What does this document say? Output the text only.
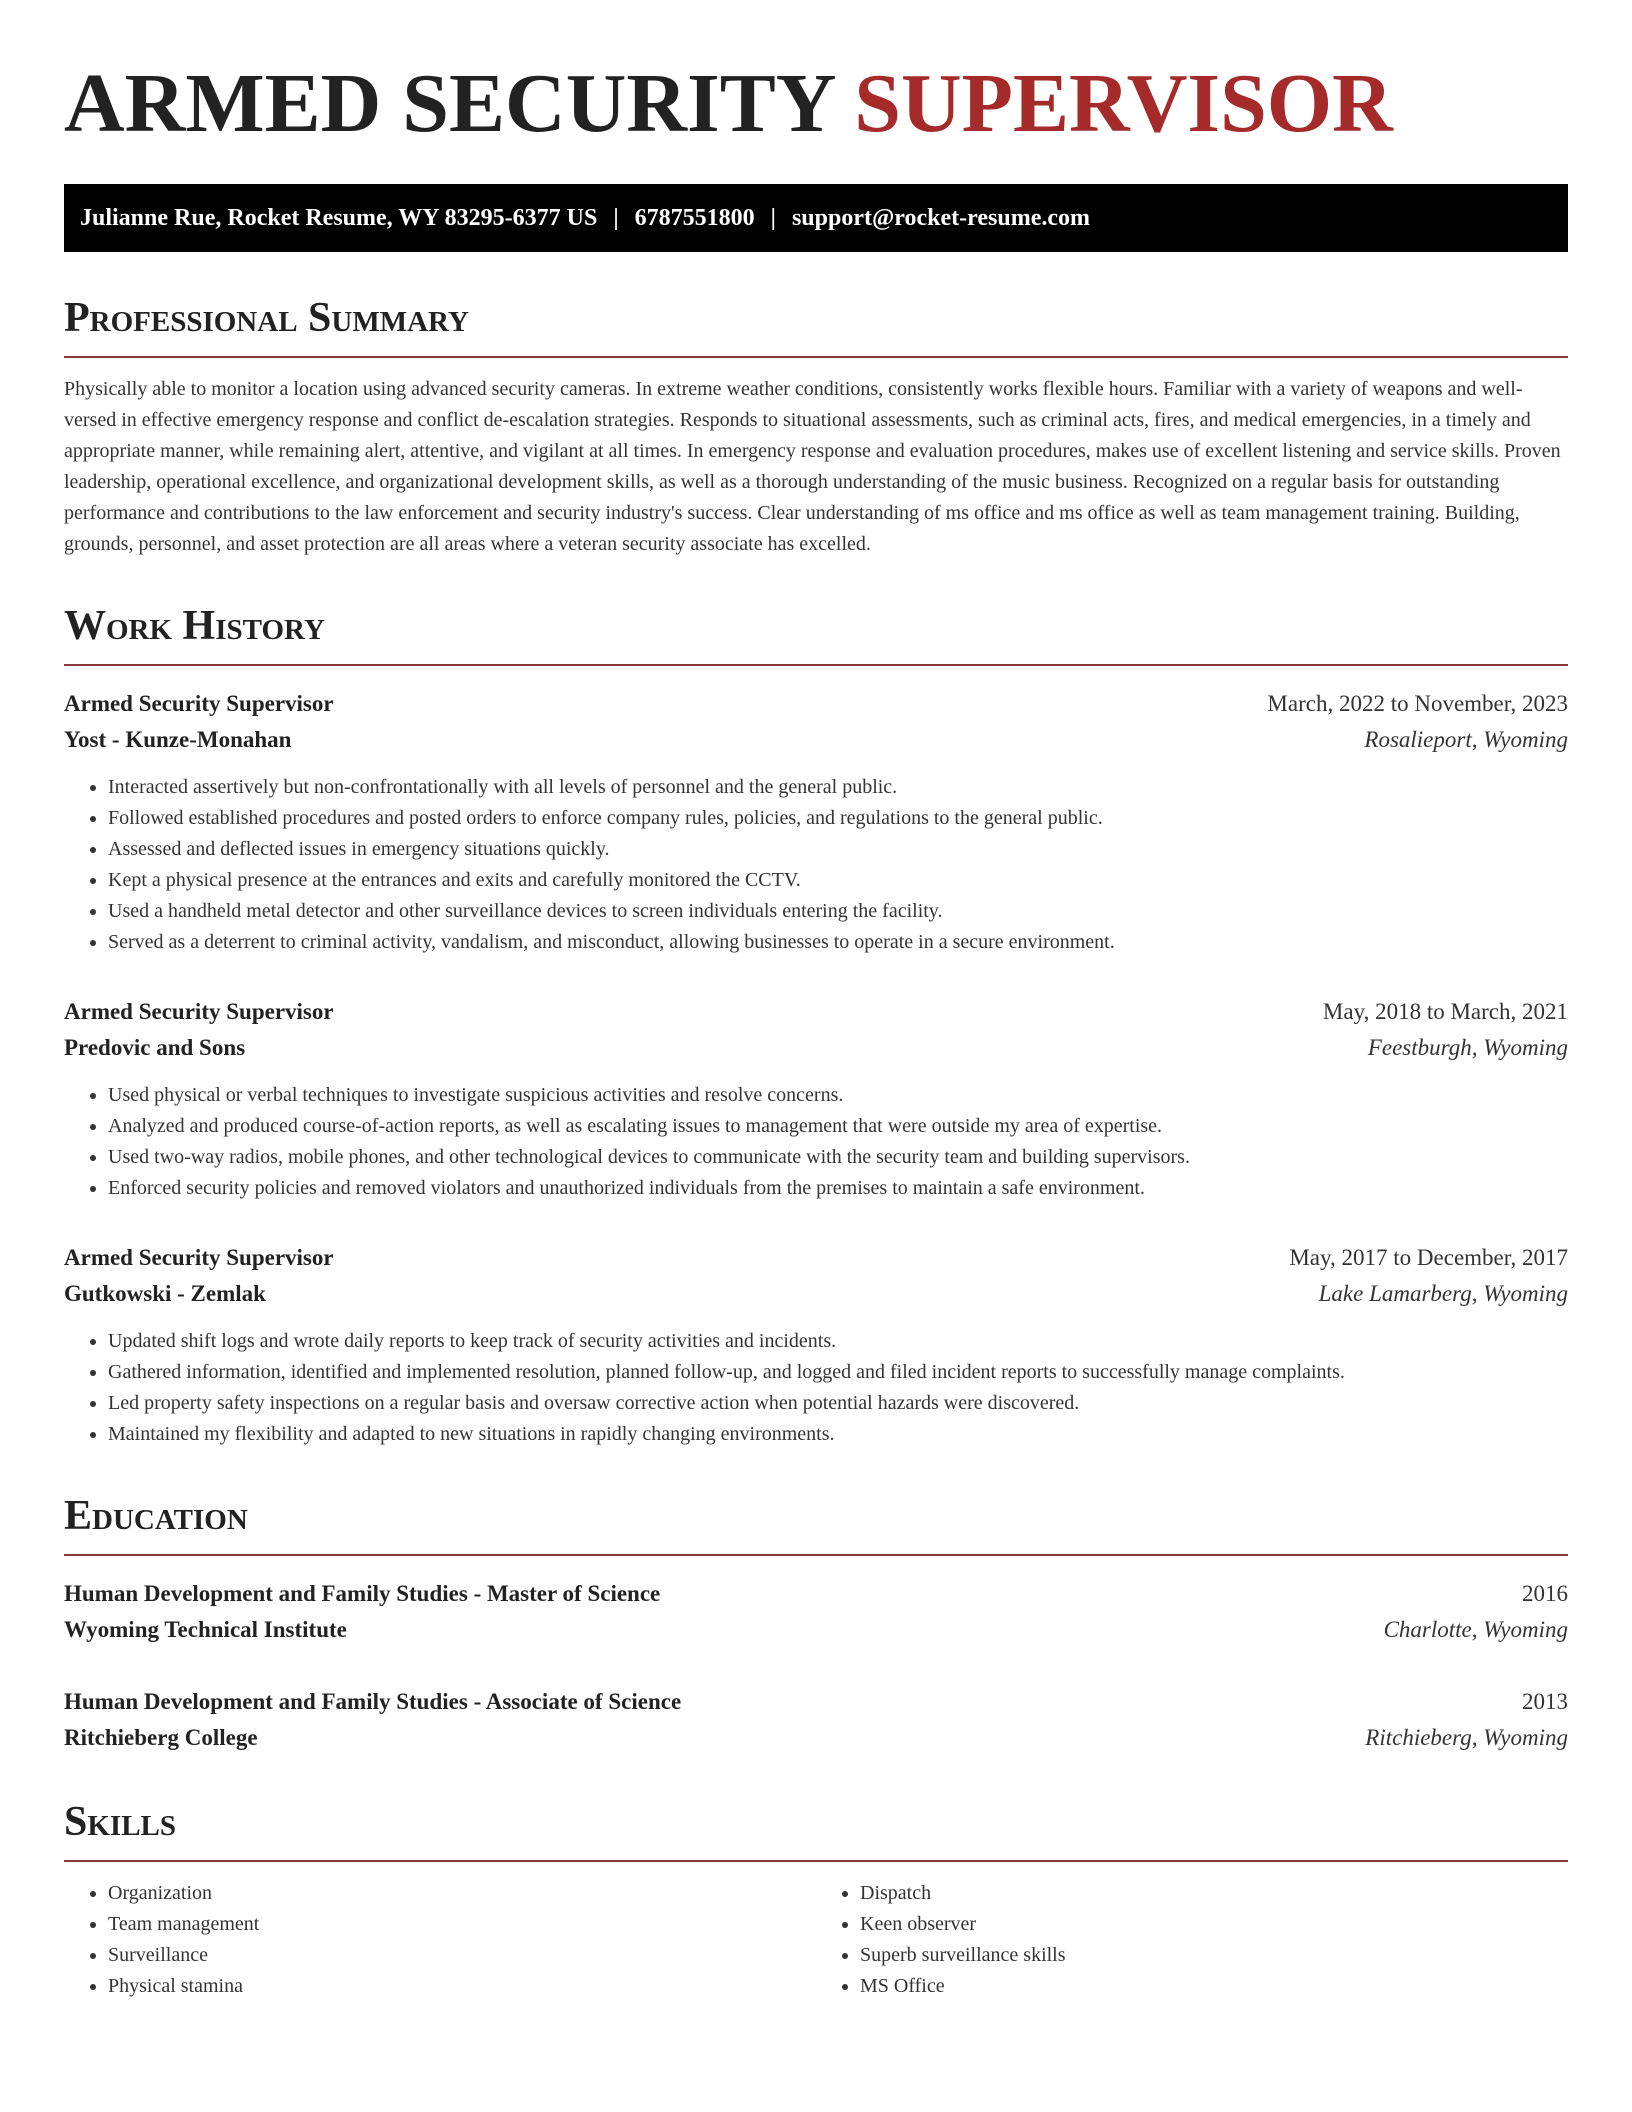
ARMED SECURITY SUPERVISOR
Julianne Rue, Rocket Resume, WY 83295-6377 US | 6787551800 | support@rocket-resume.com
Professional Summary

Physically able to monitor a location using advanced security cameras. In extreme weather conditions, consistently works flexible hours. Familiar with a variety of weapons and well-versed in effective emergency response and conflict de-escalation strategies. Responds to situational assessments, such as criminal acts, fires, and medical emergencies, in a timely and appropriate manner, while remaining alert, attentive, and vigilant at all times. In emergency response and evaluation procedures, makes use of excellent listening and service skills. Proven leadership, operational excellence, and organizational development skills, as well as a thorough understanding of the music business. Recognized on a regular basis for outstanding performance and contributions to the law enforcement and security industry's success. Clear understanding of ms office and ms office as well as team management training. Building, grounds, personnel, and asset protection are all areas where a veteran security associate has excelled.

Work History
Armed Security Supervisor	March, 2022 to November, 2023
Yost - Kunze-Monahan	Rosalieport, Wyoming
• Interacted assertively but non-confrontationally with all levels of personnel and the general public.
• Followed established procedures and posted orders to enforce company rules, policies, and regulations to the general public.
• Assessed and deflected issues in emergency situations quickly.
• Kept a physical presence at the entrances and exits and carefully monitored the CCTV.
• Used a handheld metal detector and other surveillance devices to screen individuals entering the facility.
• Served as a deterrent to criminal activity, vandalism, and misconduct, allowing businesses to operate in a secure environment.
Armed Security Supervisor	May, 2018 to March, 2021
Predovic and Sons	Feestburgh, Wyoming
• Used physical or verbal techniques to investigate suspicious activities and resolve concerns.
• Analyzed and produced course-of-action reports, as well as escalating issues to management that were outside my area of expertise.
• Used two-way radios, mobile phones, and other technological devices to communicate with the security team and building supervisors.
• Enforced security policies and removed violators and unauthorized individuals from the premises to maintain a safe environment.
Armed Security Supervisor	May, 2017 to December, 2017
Gutkowski - Zemlak	Lake Lamarberg, Wyoming
• Updated shift logs and wrote daily reports to keep track of security activities and incidents.
• Gathered information, identified and implemented resolution, planned follow-up, and logged and filed incident reports to successfully manage complaints.
• Led property safety inspections on a regular basis and oversaw corrective action when potential hazards were discovered.
• Maintained my flexibility and adapted to new situations in rapidly changing environments.
Education
Human Development and Family Studies - Master of Science	2016
Wyoming Technical Institute	Charlotte, Wyoming
Human Development and Family Studies - Associate of Science	2013
Ritchieberg College	Ritchieberg, Wyoming
Skills
• Organization
• Team management
• Surveillance
• Physical stamina
• Dispatch
• Keen observer
• Superb surveillance skills
• MS Office
